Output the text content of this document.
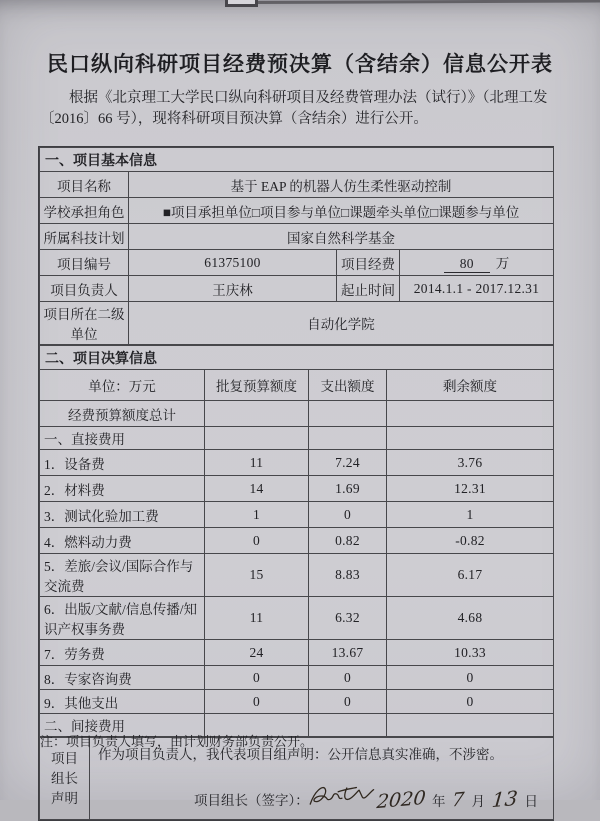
民口纵向科研项目经费预决算（含结余）信息公开表
根据《北京理工大学民口纵向科研项目及经费管理办法（试行）》（北理工发
〔2016〕66 号），现将科研项目预决算（含结余）进行公开。
一、项目基本信息			
项目名称	基于 EAP 的机器人仿生柔性驱动控制		
学校承担角色	■项目承担单位□项目参与单位□课题牵头单位□课题参与单位		
所属科技计划	国家自然科学基金		
项目编号	61375100	项目经费	80 万
项目负责人	王庆林	起止时间	2014.1.1 - 2017.12.31

项目所在二级
单位	自动化学院		
二、项目决算信息			
单位：万元	批复预算额度	支出额度	剩余额度
经费预算额度总计			
一、直接费用			
1．设备费	11	7.24	3.76
2．材料费	14	1.69	12.31
3．测试化验加工费	1	0	1
4．燃料动力费	0	0.82	-0.82
5．差旅/会议/国际合作与交流费	15	8.83	6.17
6．出版/文献/信息传播/知识产权事务费	11	6.32	4.68
7．劳务费	24	13.67	10.33
8．专家咨询费	0	0	0
9．其他支出	0	0	0
二、间接费用			
项目
组长
声明

作为项目负责人，我代表项目组声明：公开信息真实准确，不涉密。
项目组长（签字）：	2020 年 7 月 13 日
注：项目负责人填写，由计划财务部负责公开。
